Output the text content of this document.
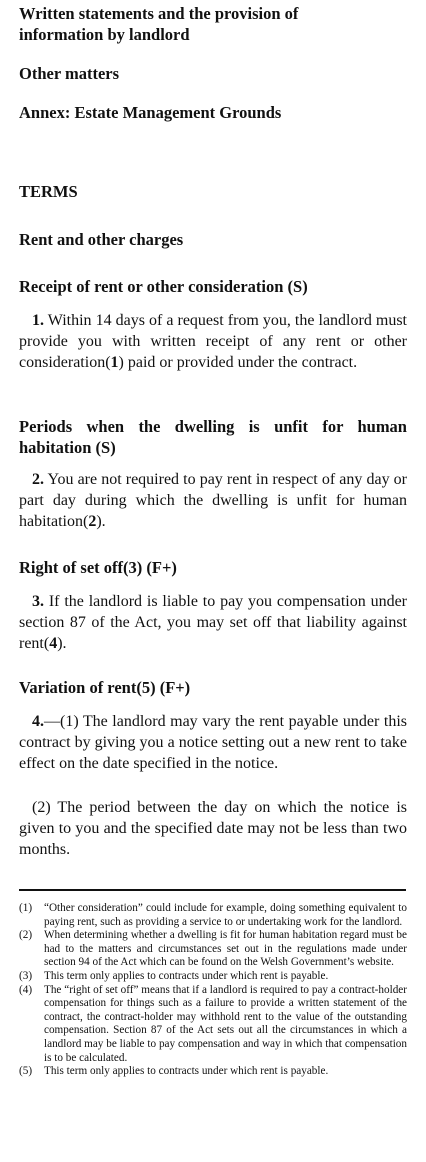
Written statements and the provision of information by landlord

Other matters

Annex: Estate Management Grounds

TERMS

Rent and other charges

Receipt of rent or other consideration (S)

1. Within 14 days of a request from you, the landlord must provide you with written receipt of any rent or other consideration(1) paid or provided under the contract.

Periods when the dwelling is unfit for human habitation (S)

2. You are not required to pay rent in respect of any day or part day during which the dwelling is unfit for human habitation(2).

Right of set off(3) (F+)

3. If the landlord is liable to pay you compensation under section 87 of the Act, you may set off that liability against rent(4).

Variation of rent(5) (F+)

4.—(1) The landlord may vary the rent payable under this contract by giving you a notice setting out a new rent to take effect on the date specified in the notice.

(2) The period between the day on which the notice is given to you and the specified date may not be less than two months.

(1)	“Other consideration” could include for example, doing something equivalent to paying rent, such as providing a service to or undertaking work for the landlord.
(2)	When determining whether a dwelling is fit for human habitation regard must be had to the matters and circumstances set out in the regulations made under section 94 of the Act which can be found on the Welsh Government’s website.
(3)	This term only applies to contracts under which rent is payable.
(4)	The “right of set off” means that if a landlord is required to pay a contract-holder compensation for things such as a failure to provide a written statement of the contract, the contract-holder may withhold rent to the value of the outstanding compensation. Section 87 of the Act sets out all the circumstances in which a landlord may be liable to pay compensation and way in which that compensation is to be calculated.
(5)	This term only applies to contracts under which rent is payable.
